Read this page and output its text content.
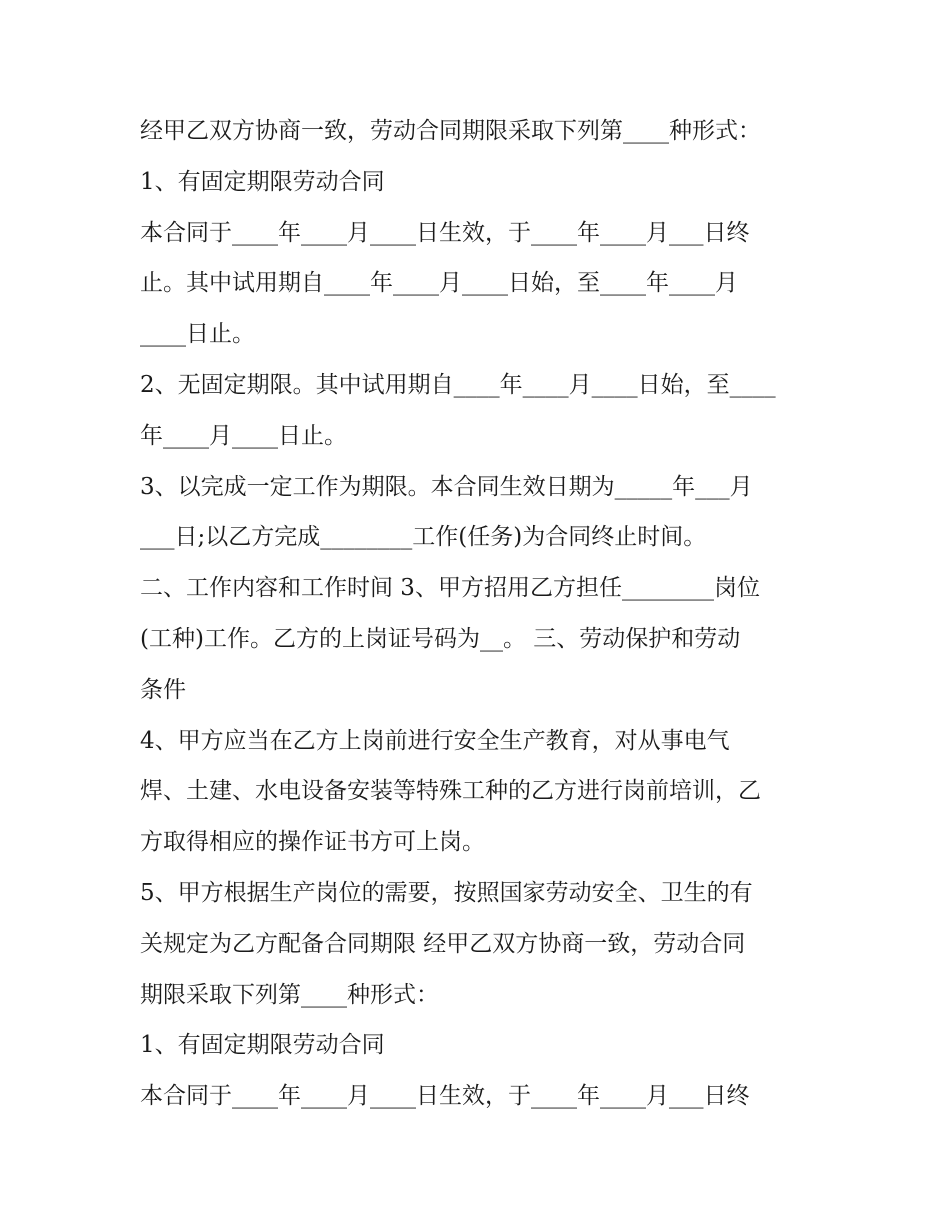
经甲乙双方协商一致，劳动合同期限采取下列第____种形式：
1、有固定期限劳动合同
本合同于____年____月____日生效，于____年____月___日终
止。其中试用期自____年____月____日始，至____年____月
____日止。
2、无固定期限。其中试用期自____年____月____日始，至____
年____月____日止。
3、以完成一定工作为期限。本合同生效日期为_____年___月
___日;以乙方完成________工作(任务)为合同终止时间。
二、工作内容和工作时间 3、甲方招用乙方担任________岗位
(工种)工作。乙方的上岗证号码为__。 三、劳动保护和劳动
条件
4、甲方应当在乙方上岗前进行安全生产教育，对从事电气
焊、土建、水电设备安装等特殊工种的乙方进行岗前培训，乙
方取得相应的操作证书方可上岗。
5、甲方根据生产岗位的需要，按照国家劳动安全、卫生的有
关规定为乙方配备合同期限 经甲乙双方协商一致，劳动合同
期限采取下列第____种形式：
1、有固定期限劳动合同
本合同于____年____月____日生效，于____年____月___日终
